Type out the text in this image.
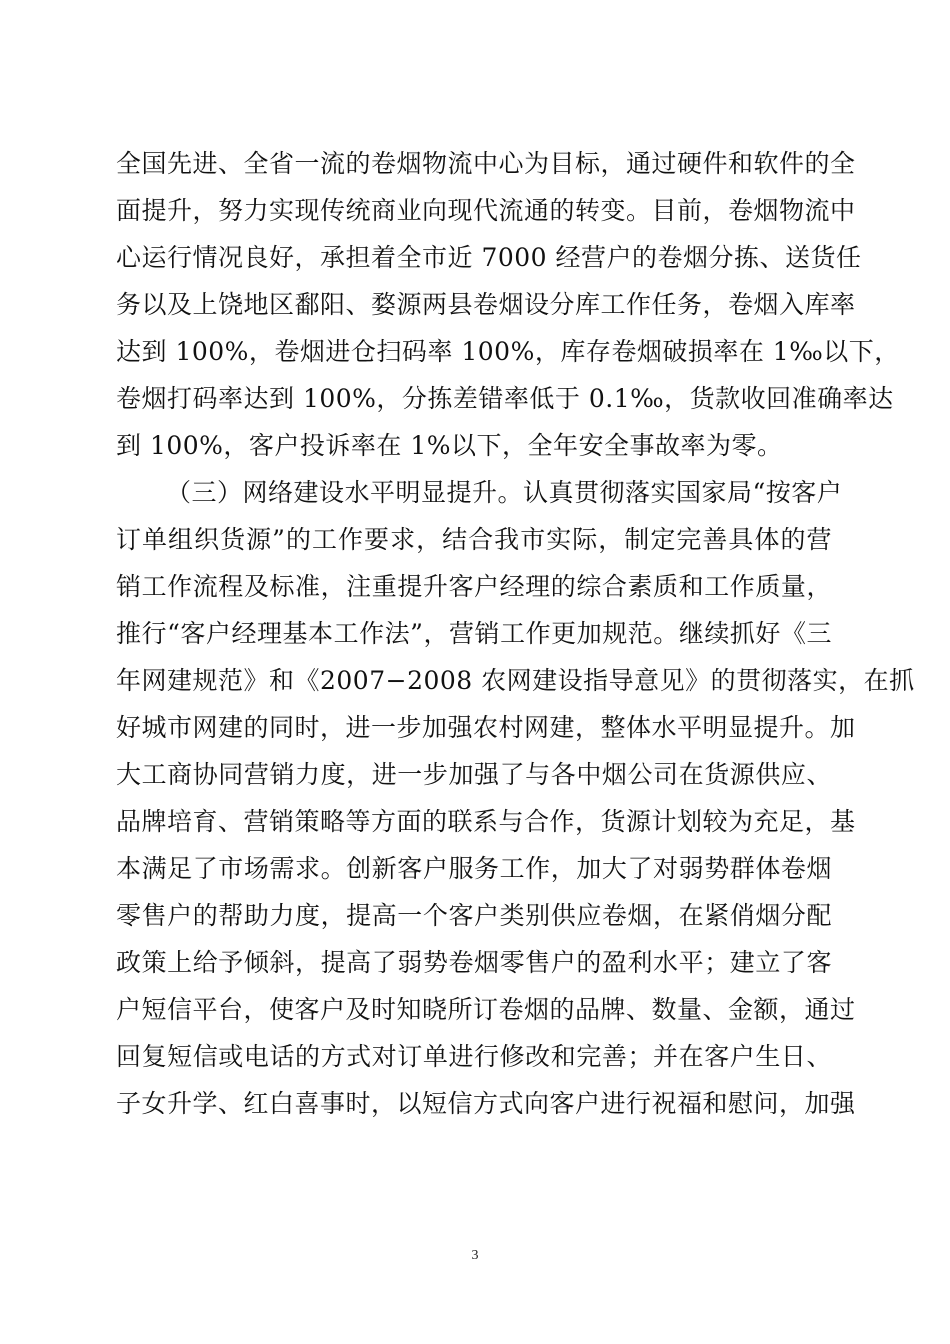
全国先进、全省一流的卷烟物流中心为目标，通过硬件和软件的全
面提升，努力实现传统商业向现代流通的转变。目前，卷烟物流中
心运行情况良好，承担着全市近 7000 经营户的卷烟分拣、送货任
务以及上饶地区鄱阳、婺源两县卷烟设分库工作任务，卷烟入库率
达到 100%，卷烟进仓扫码率 100%，库存卷烟破损率在 1‰以下，
卷烟打码率达到 100%，分拣差错率低于 0.1‰，货款收回准确率达
到 100%，客户投诉率在 1%以下，全年安全事故率为零。
（三）网络建设水平明显提升。认真贯彻落实国家局“按客户
订单组织货源”的工作要求，结合我市实际，制定完善具体的营
销工作流程及标准，注重提升客户经理的综合素质和工作质量，
推行“客户经理基本工作法”，营销工作更加规范。继续抓好《三
年网建规范》和《2007−2008 农网建设指导意见》的贯彻落实，在抓
好城市网建的同时，进一步加强农村网建，整体水平明显提升。加
大工商协同营销力度，进一步加强了与各中烟公司在货源供应、
品牌培育、营销策略等方面的联系与合作，货源计划较为充足，基
本满足了市场需求。创新客户服务工作，加大了对弱势群体卷烟
零售户的帮助力度，提高一个客户类别供应卷烟，在紧俏烟分配
政策上给予倾斜，提高了弱势卷烟零售户的盈利水平；建立了客
户短信平台，使客户及时知晓所订卷烟的品牌、数量、金额，通过
回复短信或电话的方式对订单进行修改和完善；并在客户生日、
子女升学、红白喜事时，以短信方式向客户进行祝福和慰问，加强
3
